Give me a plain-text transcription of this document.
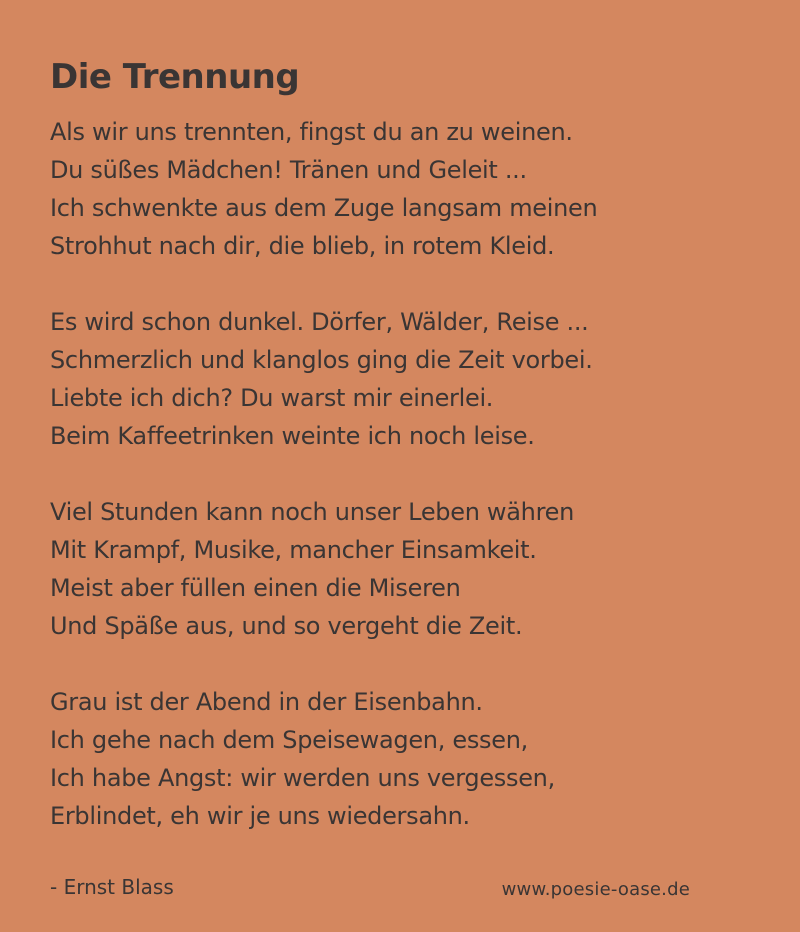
Die Trennung
Als wir uns trennten, fingst du an zu weinen.
Du süßes Mädchen! Tränen und Geleit ...
Ich schwenkte aus dem Zuge langsam meinen
Strohhut nach dir, die blieb, in rotem Kleid.
Es wird schon dunkel. Dörfer, Wälder, Reise ...
Schmerzlich und klanglos ging die Zeit vorbei.
Liebte ich dich? Du warst mir einerlei.
Beim Kaffeetrinken weinte ich noch leise.
Viel Stunden kann noch unser Leben währen
Mit Krampf, Musike, mancher Einsamkeit.
Meist aber füllen einen die Miseren
Und Späße aus, und so vergeht die Zeit.
Grau ist der Abend in der Eisenbahn.
Ich gehe nach dem Speisewagen, essen,
Ich habe Angst: wir werden uns vergessen,
Erblindet, eh wir je uns wiedersahn.
- Ernst Blass	www.poesie-oase.de
